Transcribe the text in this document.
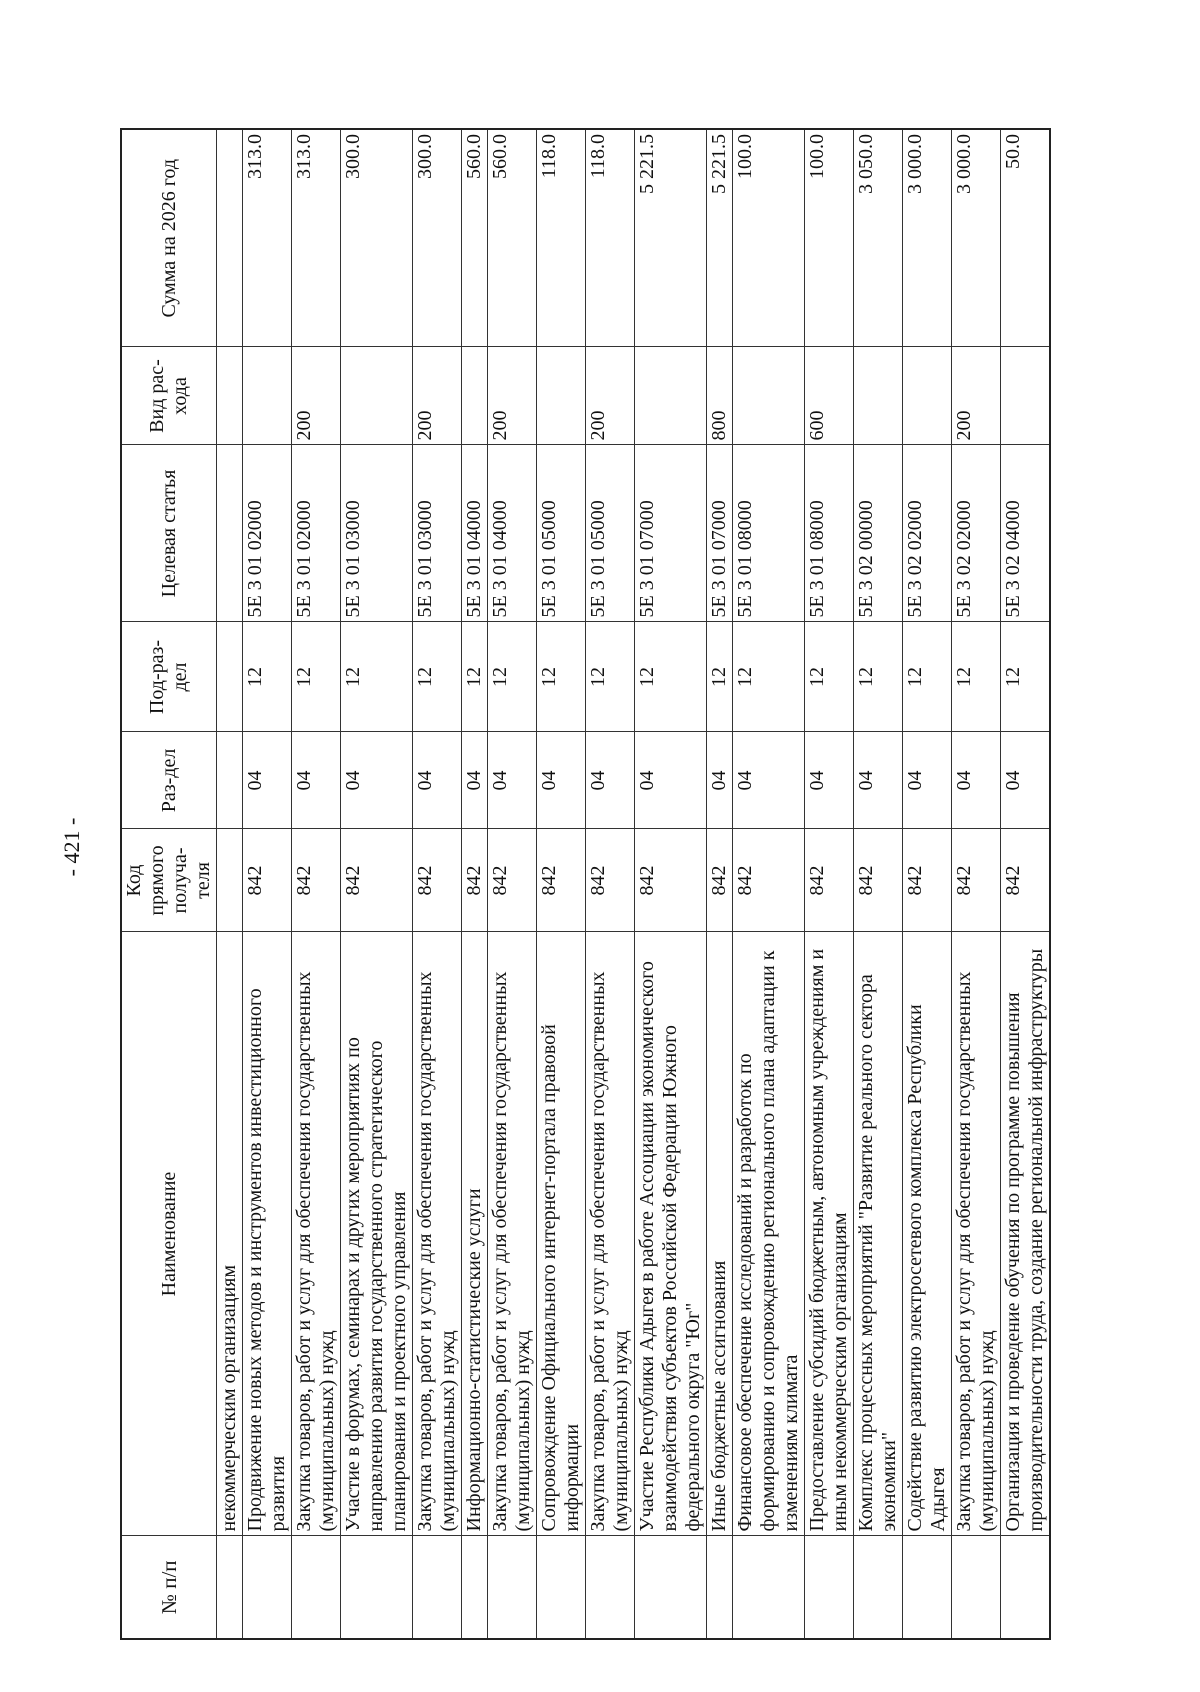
- 421 -
№ п/п	Наименование	Код прямого получа-теля	Раз-дел	Под-раз-дел	Целевая статья	Вид рас-хода	Сумма на 2026 год
	некоммерческим организациям						
	Продвижение новых методов и инструментов инвестиционного развития	842	04	12	5Е 3 01 02000		313.0
	Закупка товаров, работ и услуг для обеспечения государственных (муниципальных) нужд	842	04	12	5Е 3 01 02000	200	313.0
	Участие в форумах, семинарах и других мероприятиях по направлению развития государственного стратегического планирования и проектного управления	842	04	12	5Е 3 01 03000		300.0
	Закупка товаров, работ и услуг для обеспечения государственных (муниципальных) нужд	842	04	12	5Е 3 01 03000	200	300.0
	Информационно-статистические услуги	842	04	12	5Е 3 01 04000		560.0
	Закупка товаров, работ и услуг для обеспечения государственных (муниципальных) нужд	842	04	12	5Е 3 01 04000	200	560.0
	Сопровождение Официального интернет-портала правовой информации	842	04	12	5Е 3 01 05000		118.0
	Закупка товаров, работ и услуг для обеспечения государственных (муниципальных) нужд	842	04	12	5Е 3 01 05000	200	118.0
	Участие Республики Адыгея в работе Ассоциации экономического взаимодействия субъектов Российской Федерации Южного федерального округа "Юг"	842	04	12	5Е 3 01 07000		5 221.5
	Иные бюджетные ассигнования	842	04	12	5Е 3 01 07000	800	5 221.5
	Финансовое обеспечение исследований и разработок по формированию и сопровождению регионального плана адаптации к изменениям климата	842	04	12	5Е 3 01 08000		100.0
	Предоставление субсидий бюджетным, автономным учреждениям и иным некоммерческим организациям	842	04	12	5Е 3 01 08000	600	100.0
	Комплекс процессных мероприятий "Развитие реального сектора экономики"	842	04	12	5Е 3 02 00000		3 050.0
	Содействие развитию электросетевого комплекса Республики Адыгея	842	04	12	5Е 3 02 02000		3 000.0
	Закупка товаров, работ и услуг для обеспечения государственных (муниципальных) нужд	842	04	12	5Е 3 02 02000	200	3 000.0
	Организация и проведение обучения по программе повышения производительности труда, создание региональной инфраструктуры	842	04	12	5Е 3 02 04000		50.0
